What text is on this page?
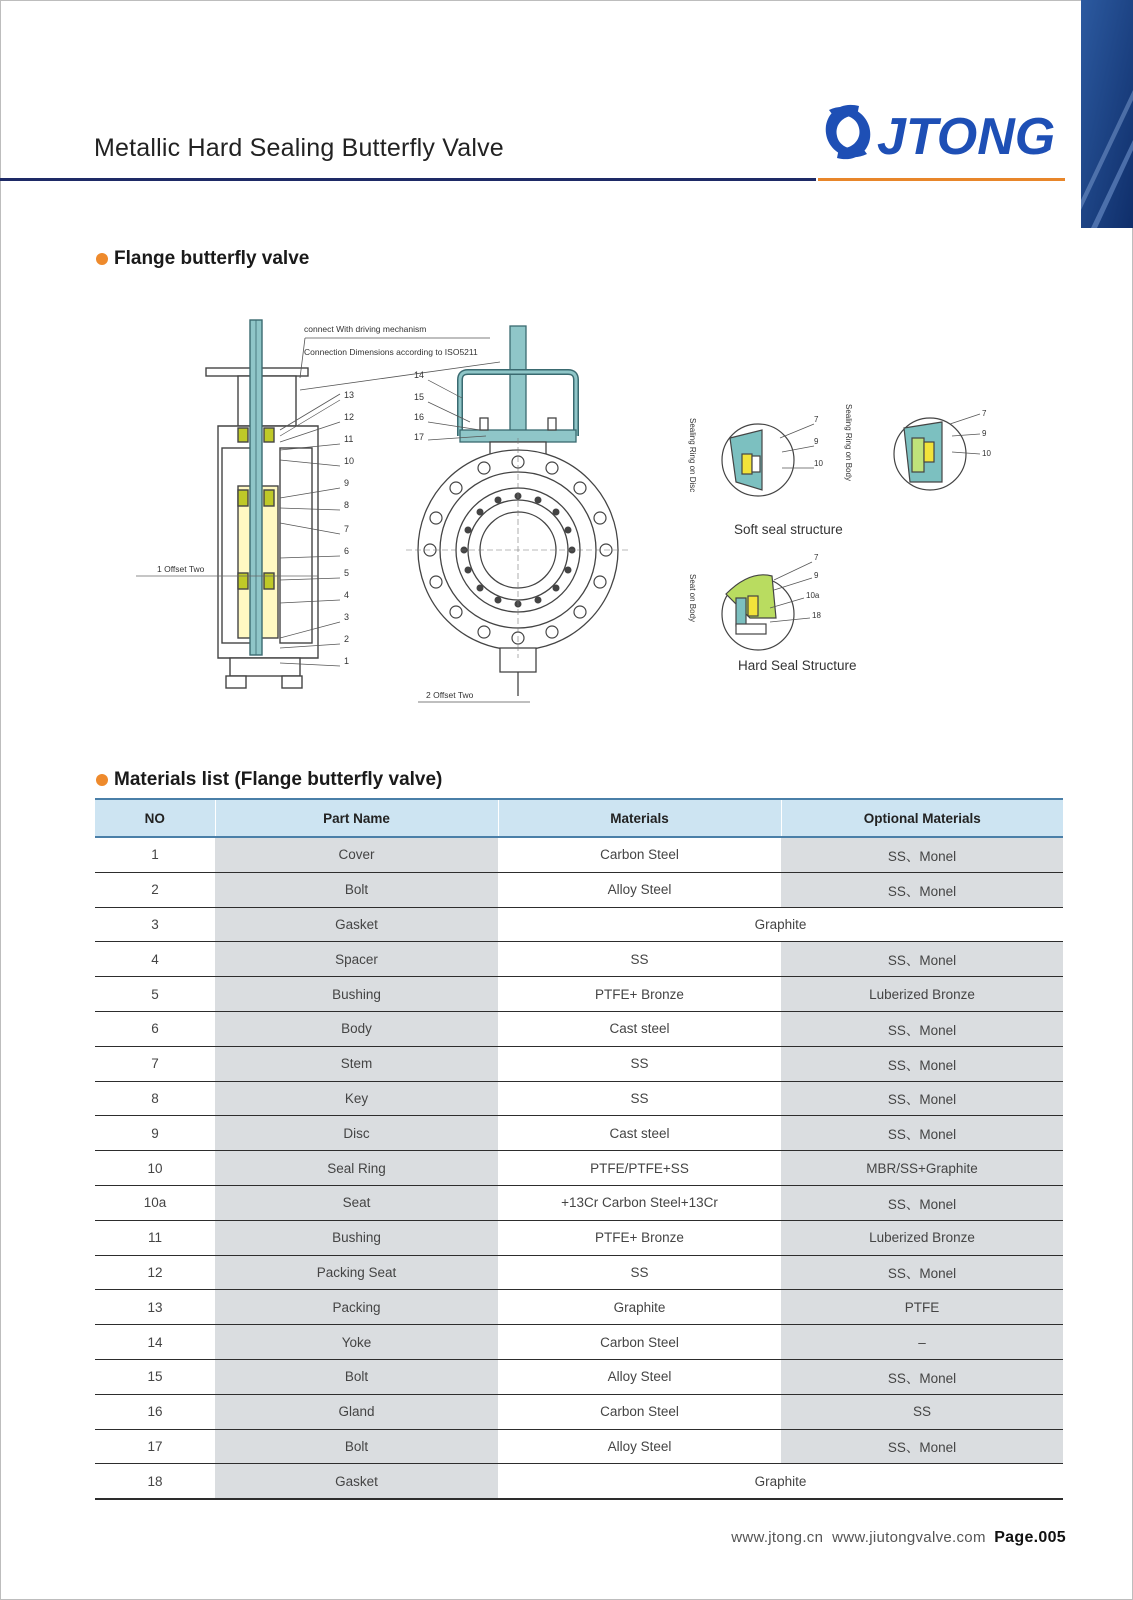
Metallic Hard Sealing Butterfly Valve	JTONG
Flange butterfly valve
1 Offset Two
connect With driving mechanism
Connection Dimensions according to ISO5211
13
12
11
10
9
8
7
6
5
4
3
2
1
14
15
16
17
2 Offset Two
Sealing Ring on Disc	7
9
10	Sealing Ring on Body	7
9
10
Soft seal structure
Seat on Body
7
9
10a
18
Hard Seal Structure
Materials list (Flange butterfly valve)
NO	Part Name	Materials	Optional Materials
1	Cover	Carbon Steel	SS、Monel
2	Bolt	Alloy Steel	SS、Monel
3	Gasket	Graphite	
4	Spacer	SS	SS、Monel
5	Bushing	PTFE+ Bronze	Luberized Bronze
6	Body	Cast steel	SS、Monel
7	Stem	SS	SS、Monel
8	Key	SS	SS、Monel
9	Disc	Cast steel	SS、Monel
10	Seal Ring	PTFE/PTFE+SS	MBR/SS+Graphite
10a	Seat	+13Cr Carbon Steel+13Cr	SS、Monel
11	Bushing	PTFE+ Bronze	Luberized Bronze
12	Packing Seat	SS	SS、Monel
13	Packing	Graphite	PTFE
14	Yoke	Carbon Steel	–
15	Bolt	Alloy Steel	SS、Monel
16	Gland	Carbon Steel	SS
17	Bolt	Alloy Steel	SS、Monel
18	Gasket	Graphite	
www.jtong.cn www.jiutongvalve.com Page.005
